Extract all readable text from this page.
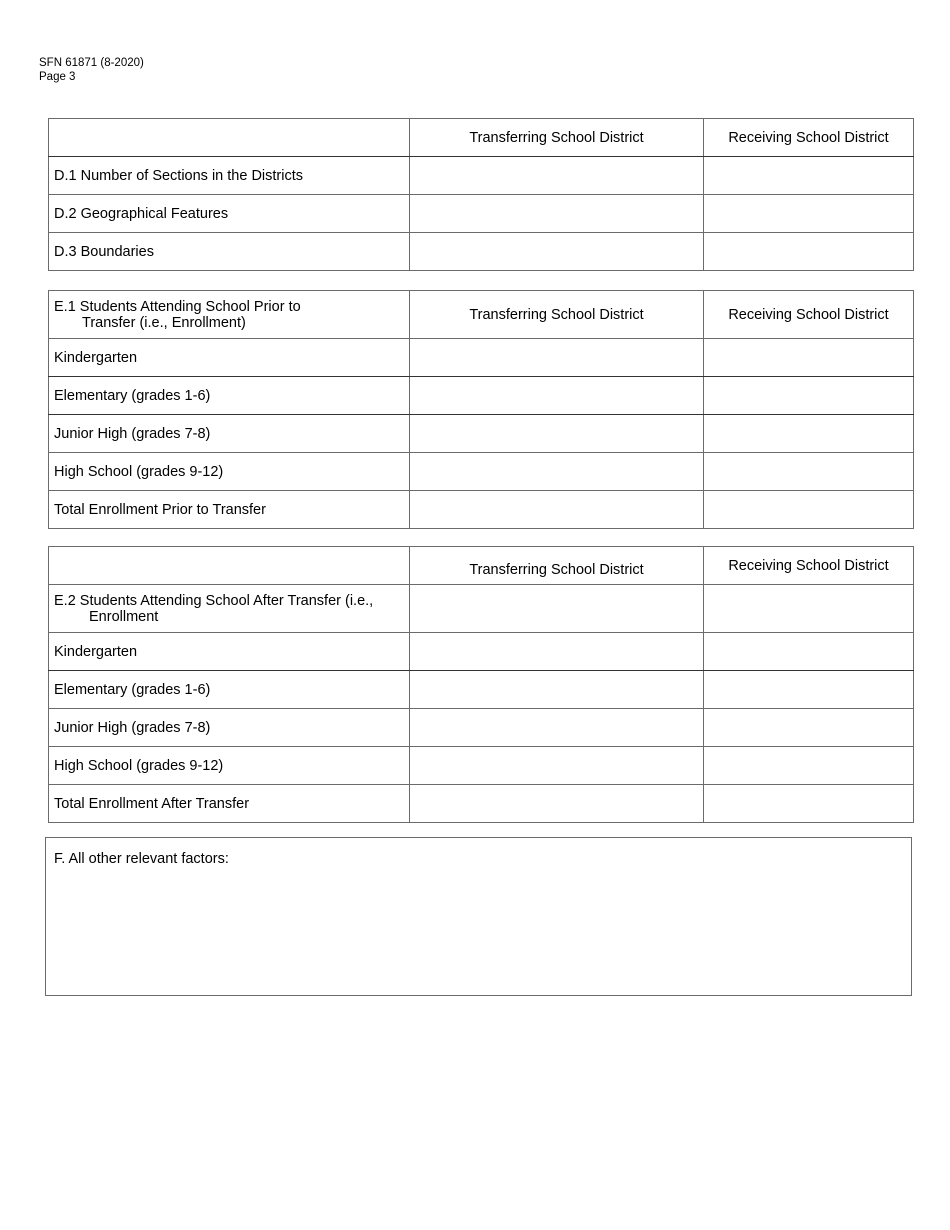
SFN 61871 (8-2020)
Page 3
	Transferring School District	Receiving School District
D.1 Number of Sections in the Districts		
D.2 Geographical Features		
D.3 Boundaries		
E.1 Students Attending School Prior to
Transfer (i.e., Enrollment)	Transferring School District	Receiving School District
Kindergarten		
Elementary (grades 1-6)		
Junior High (grades 7-8)		
High School (grades 9-12)		
Total Enrollment Prior to Transfer		
	Transferring School District	Receiving School District
E.2 Students Attending School After Transfer (i.e.,
Enrollment

Kindergarten		
Elementary (grades 1-6)		
Junior High (grades 7-8)		
High School (grades 9-12)		
Total Enrollment After Transfer		
F. All other relevant factors:
